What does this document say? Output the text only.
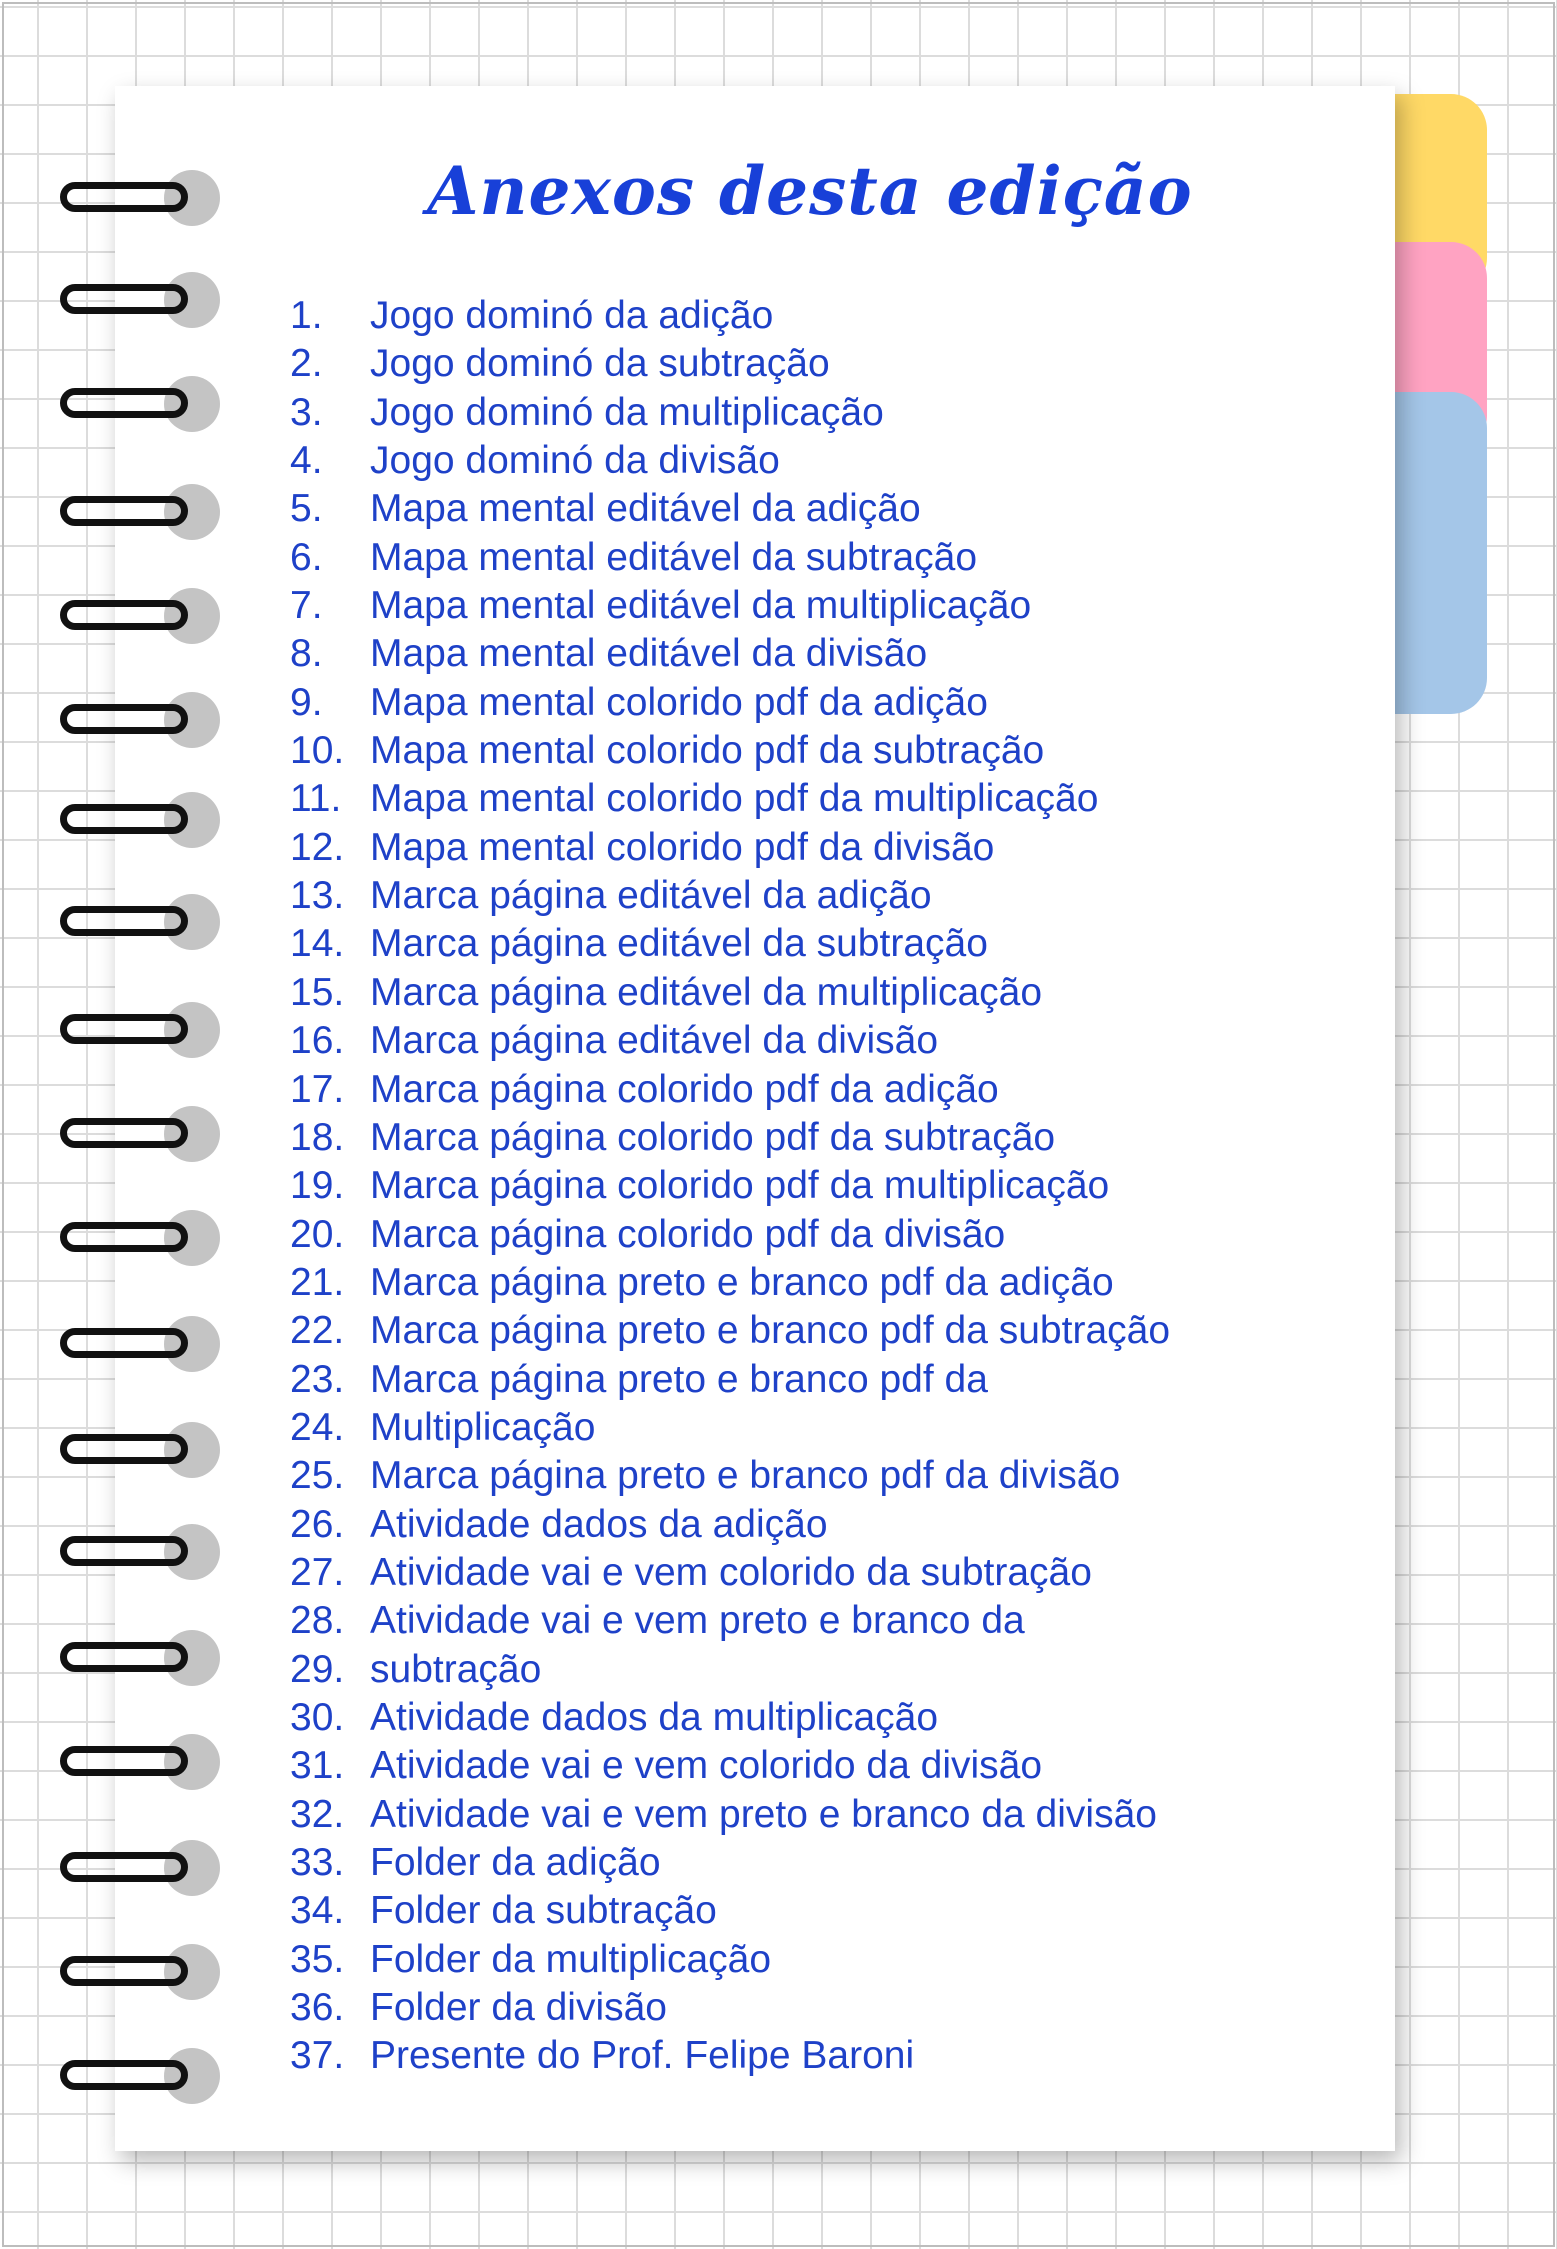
Anexos desta edição
1.	Jogo dominó da adição
2.	Jogo dominó da subtração
3.	Jogo dominó da multiplicação
4.	Jogo dominó da divisão
5.	Mapa mental editável da adição
6.	Mapa mental editável da subtração
7.	Mapa mental editável da multiplicação
8.	Mapa mental editável da divisão
9.	Mapa mental colorido pdf da adição
10. Mapa mental colorido pdf da subtração
11. Mapa mental colorido pdf da multiplicação
12. Mapa mental colorido pdf da divisão
13. Marca página editável da adição
14. Marca página editável da subtração
15. Marca página editável da multiplicação
16. Marca página editável da divisão
17. Marca página colorido pdf da adição
18. Marca página colorido pdf da subtração
19. Marca página colorido pdf da multiplicação
20. Marca página colorido pdf da divisão
21. Marca página preto e branco pdf da adição
22. Marca página preto e branco pdf da subtração
23. Marca página preto e branco pdf da
24. Multiplicação
25. Marca página preto e branco pdf da divisão
26. Atividade dados da adição
27. Atividade vai e vem colorido da subtração
28. Atividade vai e vem preto e branco da
29. subtração
30. Atividade dados da multiplicação
31. Atividade vai e vem colorido da divisão
32. Atividade vai e vem preto e branco da divisão
33. Folder da adição
34. Folder da subtração
35. Folder da multiplicação
36. Folder da divisão
37. Presente do Prof. Felipe Baroni
